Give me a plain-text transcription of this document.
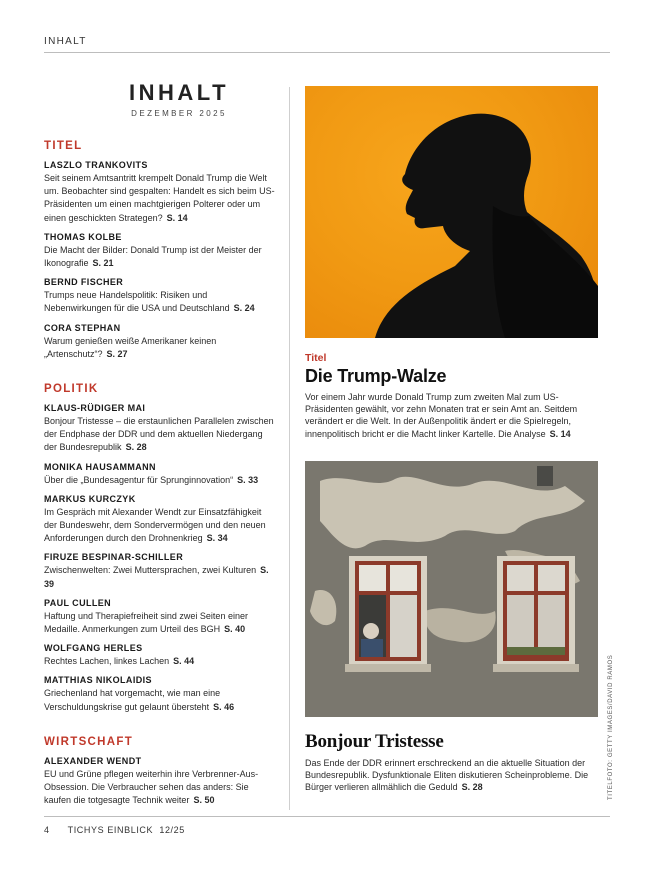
INHALT
INHALT
DEZEMBER 2025
TITEL
LASZLO TRANKOVITS
Seit seinem Amtsantritt krempelt Donald Trump die Welt um. Beobachter sind gespalten: Handelt es sich beim US-Präsidenten um einen machtgierigen Polterer oder um einen geschickten Strategen? S. 14
THOMAS KOLBE
Die Macht der Bilder: Donald Trump ist der Meister der Ikonografie S. 21
BERND FISCHER
Trumps neue Handelspolitik: Risiken und Nebenwirkungen für die USA und Deutschland S. 24
CORA STEPHAN
Warum genießen weiße Amerikaner keinen „Artenschutz“? S. 27
POLITIK
KLAUS-RÜDIGER MAI
Bonjour Tristesse – die erstaunlichen Parallelen zwischen der Endphase der DDR und dem aktuellen Niedergang der Bundesrepublik S. 28
MONIKA HAUSAMMANN
Über die „Bundesagentur für Sprunginnovation“ S. 33
MARKUS KURCZYK
Im Gespräch mit Alexander Wendt zur Einsatzfähigkeit der Bundeswehr, dem Sondervermögen und den neuen Anforderungen durch den Drohnenkrieg S. 34
FIRUZE BESPINAR-SCHILLER
Zwischenwelten: Zwei Muttersprachen, zwei Kulturen S. 39
PAUL CULLEN
Haftung und Therapiefreiheit sind zwei Seiten einer Medaille. Anmerkungen zum Urteil des BGH S. 40
WOLFGANG HERLES
Rechtes Lachen, linkes Lachen S. 44
MATTHIAS NIKOLAIDIS
Griechenland hat vorgemacht, wie man eine Verschuldungskrise gut gelaunt übersteht S. 46
WIRTSCHAFT
ALEXANDER WENDT
EU und Grüne pflegen weiterhin ihre Verbrenner-Aus-Obsession. Die Verbraucher sehen das anders: Sie kaufen die totgesagte Technik weiter S. 50
Titel
Die Trump-Walze
Vor einem Jahr wurde Donald Trump zum zweiten Mal zum US-Präsidenten gewählt, vor zehn Monaten trat er sein Amt an. Seitdem verändert er die Welt. In der Außenpolitik ändert er die Spielregeln, innenpolitisch bricht er die Macht linker Kartelle. Die Analyse S. 14
Bonjour Tristesse
Das Ende der DDR erinnert erschreckend an die aktuelle Situation der Bundesrepublik. Dysfunktionale Eliten diskutieren Scheinprobleme. Die Bürger verlieren allmählich die Geduld S. 28	TITELFOTO: GETTY IMAGES/DAVID RAMOS
4 TICHYS EINBLICK 12/25
